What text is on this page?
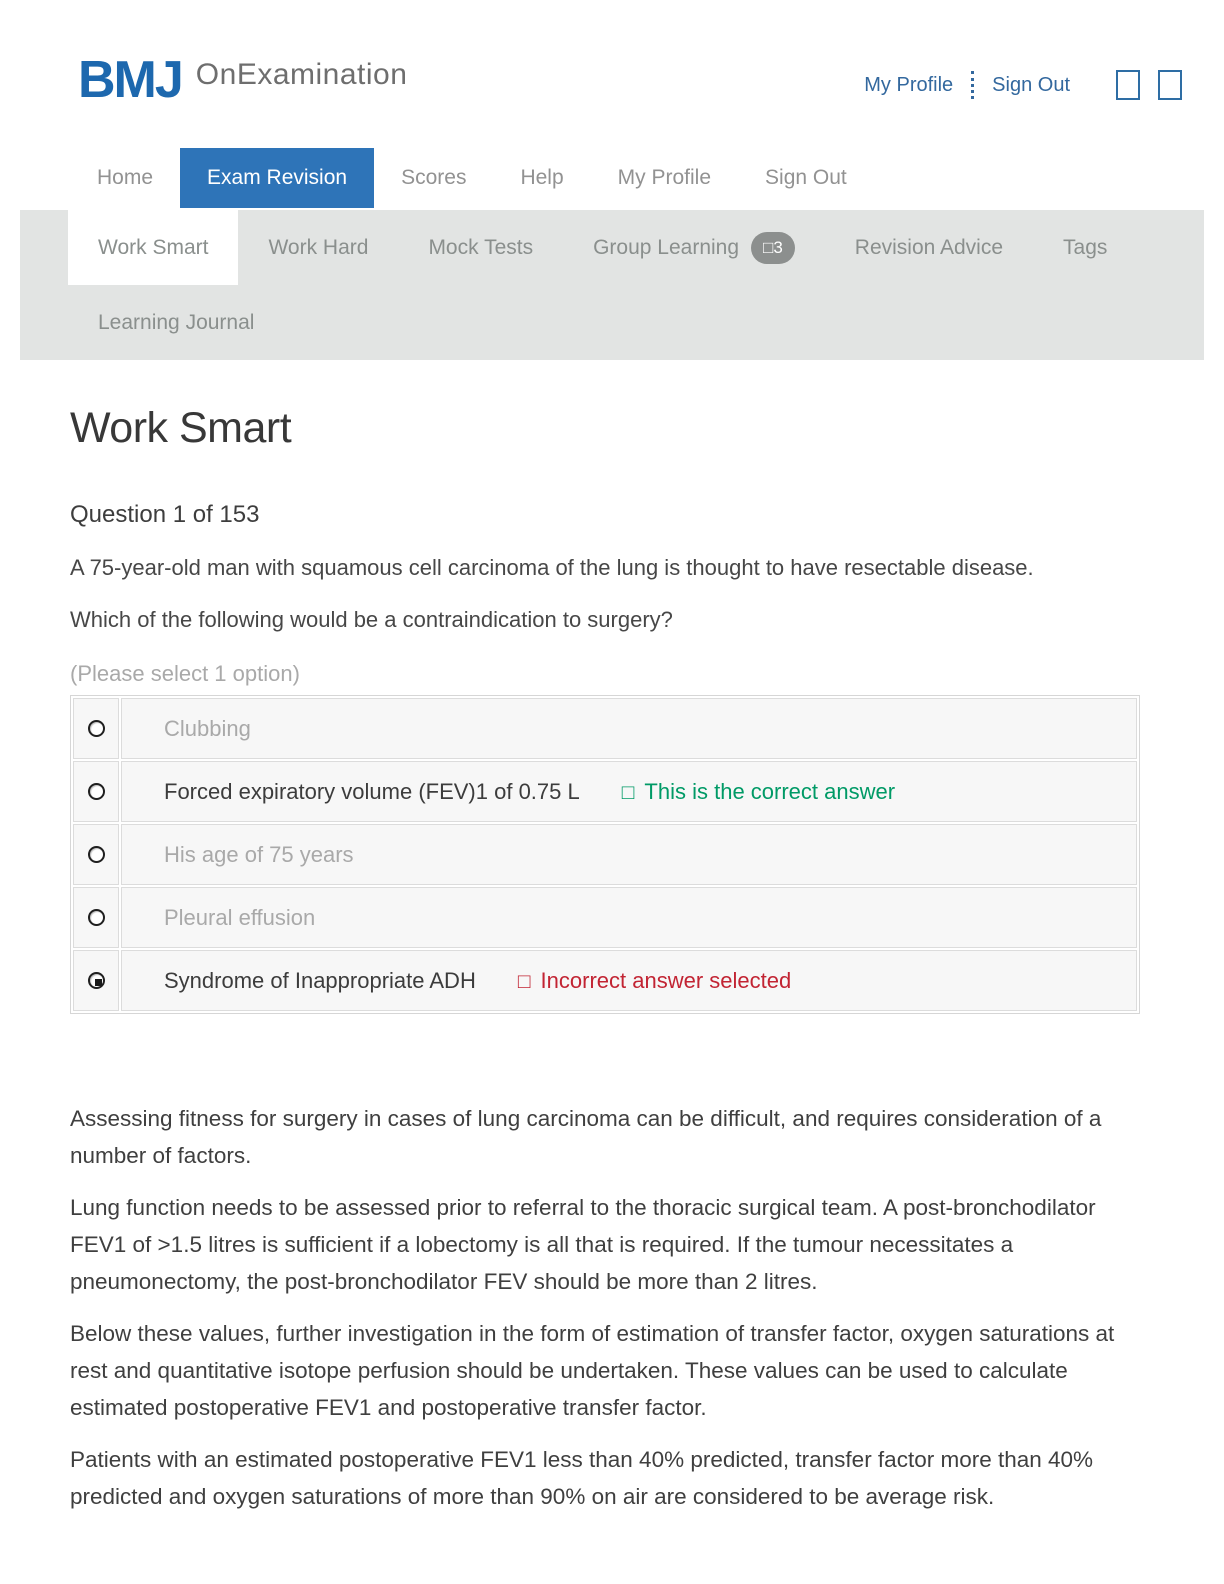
BMJ OnExamination	My Profile Sign Out
Home	Exam Revision	Scores	Help	My Profile	Sign Out
Work Smart	Work Hard	Mock Tests	Group Learning	□3	Revision Advice	Tags
Learning Journal
Work Smart
Question 1 of 153

A 75-year-old man with squamous cell carcinoma of the lung is thought to have resectable disease.

Which of the following would be a contraindication to surgery?

(Please select 1 option)
	Clubbing
	Forced expiratory volume (FEV)1 of 0.75 L □ This is the correct answer
	His age of 75 years
	Pleural effusion
	Syndrome of Inappropriate ADH □ Incorrect answer selected

Assessing fitness for surgery in cases of lung carcinoma can be difficult, and requires consideration of a number of factors.

Lung function needs to be assessed prior to referral to the thoracic surgical team. A post-bronchodilator FEV1 of >1.5 litres is sufficient if a lobectomy is all that is required. If the tumour necessitates a pneumonectomy, the post-bronchodilator FEV should be more than 2 litres.

Below these values, further investigation in the form of estimation of transfer factor, oxygen saturations at rest and quantitative isotope perfusion should be undertaken. These values can be used to calculate estimated postoperative FEV1 and postoperative transfer factor.

Patients with an estimated postoperative FEV1 less than 40% predicted, transfer factor more than 40% predicted and oxygen saturations of more than 90% on air are considered to be average risk.
